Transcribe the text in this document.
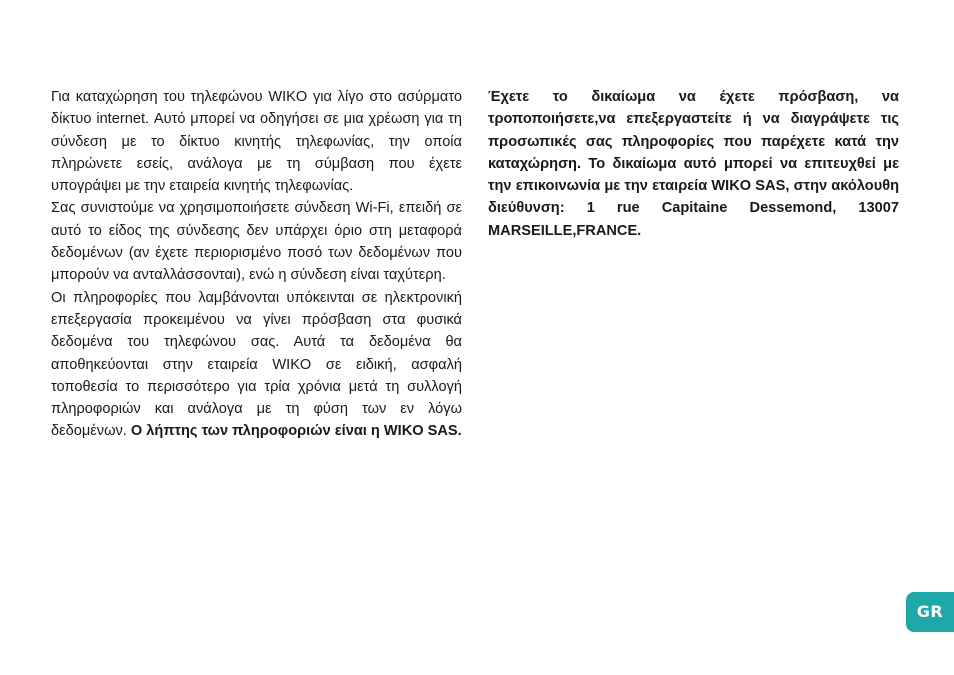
Για καταχώρηση του τηλεφώνου WIKO για λίγο στο ασύρματο δίκτυο internet. Αυτό μπορεί να οδηγήσει σε μια χρέωση για τη σύνδεση με το δίκτυο κινητής τηλεφωνίας, την οποία πληρώνετε εσείς, ανάλογα με τη σύμβαση που έχετε υπογράψει με την εταιρεία κινητής τηλεφωνίας.

Σας συνιστούμε να χρησιμοποιήσετε σύνδεση Wi-Fi, επειδή σε αυτό το είδος της σύνδεσης δεν υπάρχει όριο στη μεταφορά δεδομένων (αν έχετε περιορισμένο ποσό των δεδομένων που μπορούν να ανταλλάσσονται), ενώ η σύνδεση είναι ταχύτερη.

Οι πληροφορίες που λαμβάνονται υπόκεινται σε ηλεκτρονική επεξεργασία προκειμένου να γίνει πρόσβαση στα φυσικά δεδομένα του τηλεφώνου σας. Αυτά τα δεδομένα θα αποθηκεύονται στην εταιρεία WIKO σε ειδική, ασφαλή τοποθεσία το περισσότερο για τρία χρόνια μετά τη συλλογή πληροφοριών και ανάλογα με τη φύση των εν λόγω δεδομένων. Ο λήπτης των πληροφοριών είναι η WIKO SAS.

Έχετε το δικαίωμα να έχετε πρόσβαση, να τροποποιήσετε,να επεξεργαστείτε ή να διαγράψετε τις προσωπικές σας πληροφορίες που παρέχετε κατά την καταχώρηση. Το δικαίωμα αυτό μπορεί να επιτευχθεί με την επικοινωνία με την εταιρεία WIKO SAS, στην ακόλουθη διεύθυνση: 1 rue Capitaine Dessemond, 13007 MARSEILLE,FRANCE.

GR
